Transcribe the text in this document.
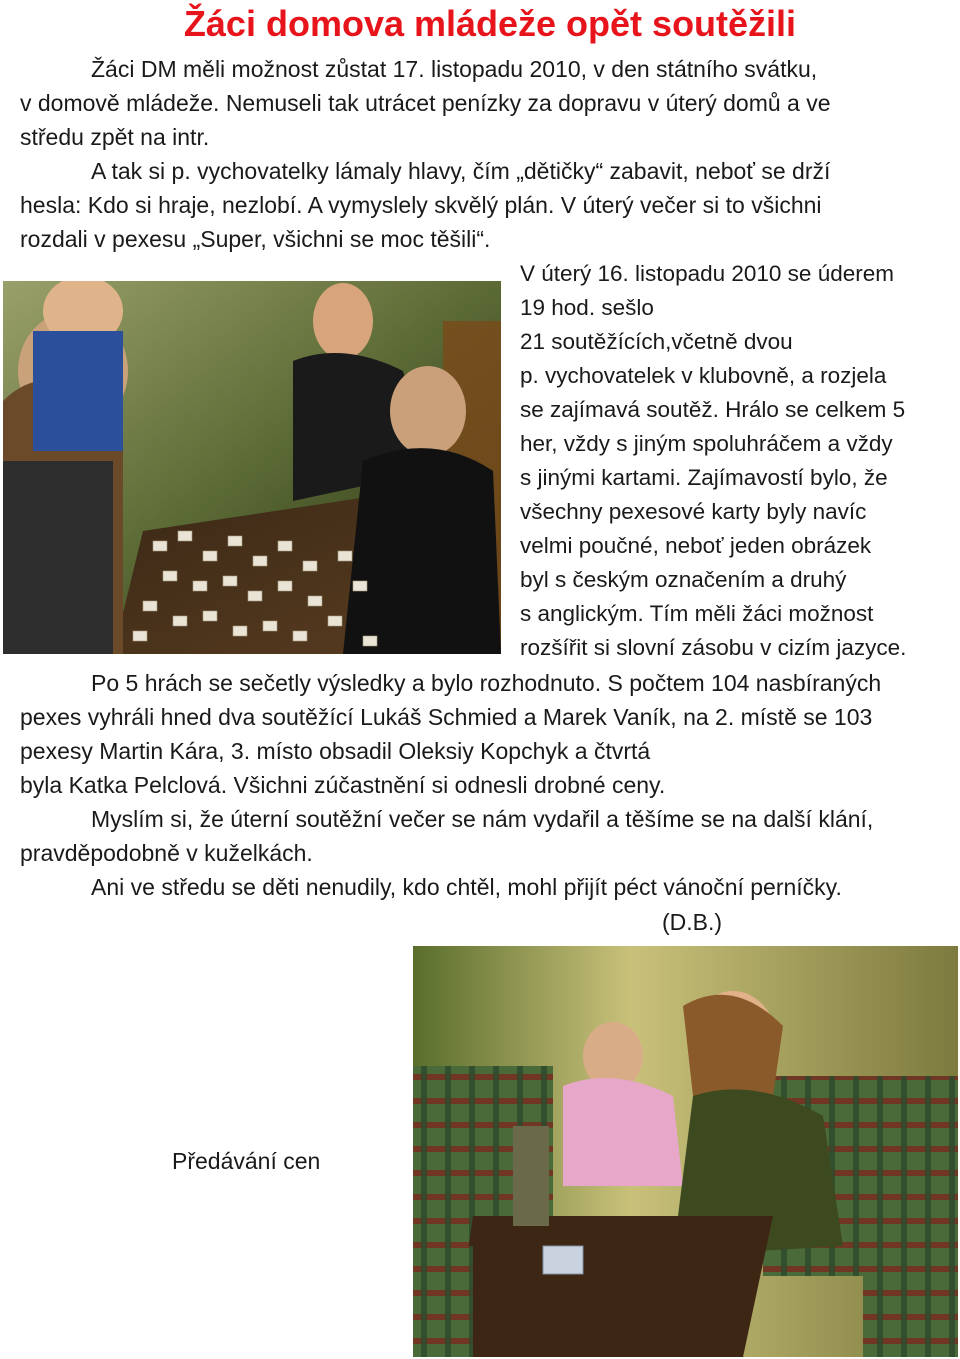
Žáci domova mládeže opět soutěžili
Žáci DM měli možnost zůstat 17. listopadu 2010, v den státního svátku,
v domově mládeže. Nemuseli tak utrácet penízky za dopravu v úterý domů a ve
středu zpět na intr.
A tak si p. vychovatelky lámaly hlavy, čím „dětičky“ zabavit, neboť se drží
hesla: Kdo si hraje, nezlobí. A vymyslely skvělý plán. V úterý večer si to všichni
rozdali v pexesu „Super, všichni se moc těšili“.
V úterý 16. listopadu 2010 se úderem
19 hod. sešlo
21 soutěžících,včetně dvou
p. vychovatelek v klubovně, a rozjela
se zajímavá soutěž. Hrálo se celkem 5
her, vždy s jiným spoluhráčem a vždy
s jinými kartami. Zajímavostí bylo, že
všechny pexesové karty byly navíc
velmi poučné, neboť jeden obrázek
byl s českým označením a druhý
s anglickým. Tím měli žáci možnost
rozšířit si slovní zásobu v cizím jazyce.
Po 5 hrách se sečetly výsledky a bylo rozhodnuto. S počtem 104 nasbíraných
pexes vyhráli hned dva soutěžící Lukáš Schmied a Marek Vaník, na 2. místě se 103
pexesy Martin Kára, 3. místo obsadil Oleksiy Kopchyk a čtvrtá
byla Katka Pelclová. Všichni zúčastnění si odnesli drobné ceny.
Myslím si, že úterní soutěžní večer se nám vydařil a těšíme se na další klání,
pravděpodobně v kuželkách.
Ani ve středu se děti nenudily, kdo chtěl, mohl přijít péct vánoční perníčky.
(D.B.)
Předávání cen
